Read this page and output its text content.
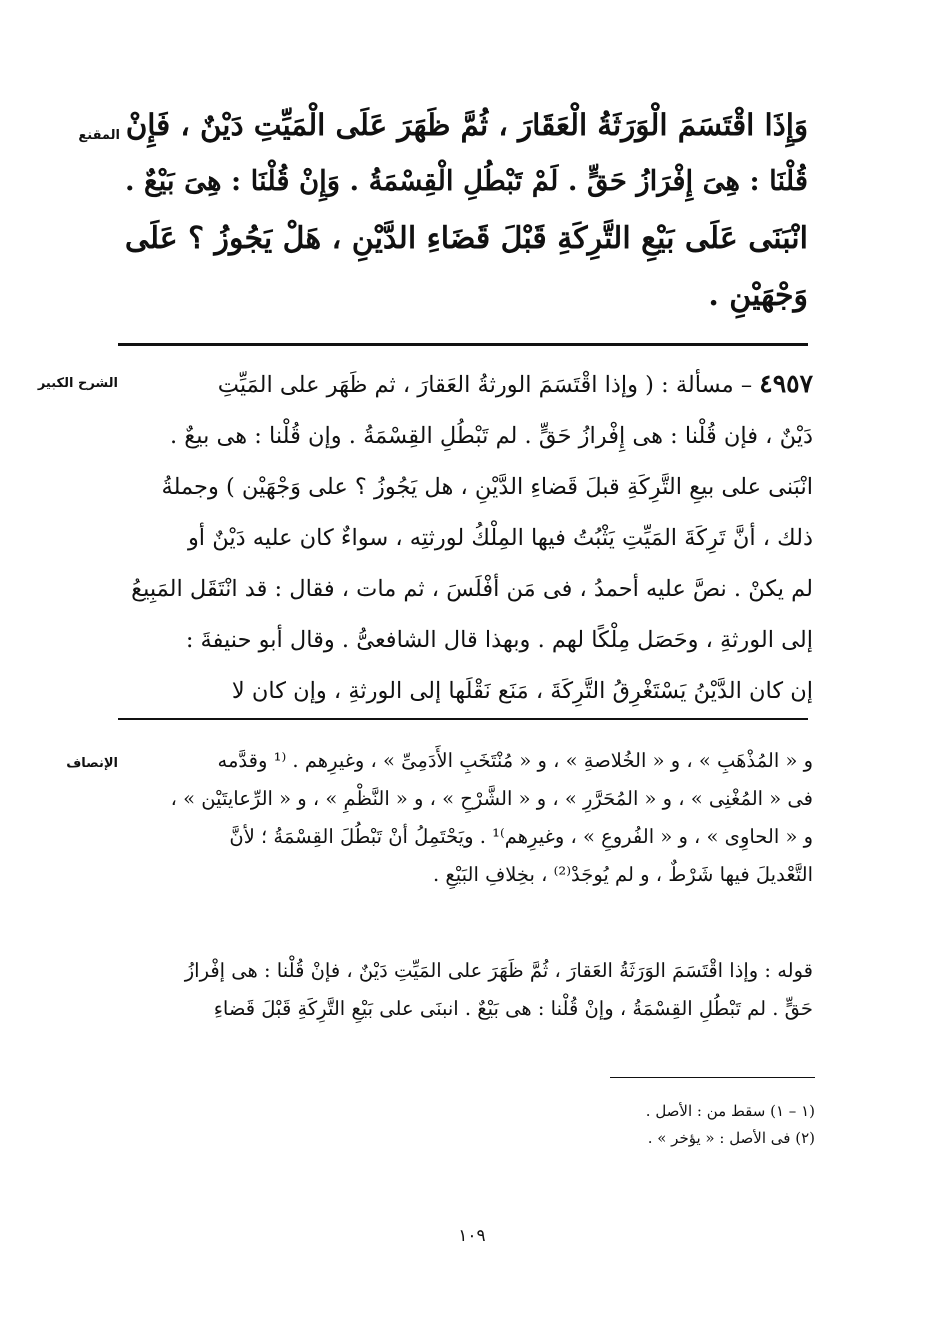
المقنع وَإِذَا اقْتَسَمَ الْوَرَثَةُ الْعَقَارَ ، ثُمَّ ظَهَرَ عَلَى الْمَيِّتِ دَيْنٌ ، فَإِنْ
قُلْنَا : هِىَ إِفْرَازُ حَقٍّ . لَمْ تَبْطُلِ الْقِسْمَةُ . وَإِنْ قُلْنَا : هِىَ بَيْعٌ .
انْبَنَى عَلَى بَيْعِ التَّرِكَةِ قَبْلَ قَضَاءِ الدَّيْنِ ، هَلْ يَجُوزُ ؟ عَلَى
وَجْهَيْنِ .
الشرح الكبير	٤٩٥٧ – مسألة : ( وإذا اقْتَسَمَ الورثةُ العَقارَ ، ثم ظَهَر على المَيِّتِ
دَيْنٌ ، فإن قُلْنا : هى إِفْرازُ حَقٍّ . لم تَبْطُلِ القِسْمَةُ . وإن قُلْنا : هى بيعٌ .
انْبَنى على بيعِ التَّرِكَةِ قبلَ قَضاءِ الدَّيْنِ ، هل يَجُوزُ ؟ على وَجْهَيْن ) وجملةُ
ذلك ، أنَّ تَرِكَةَ المَيِّتِ يَثْبُتُ فيها المِلْكُ لورثتِه ، سواءٌ كان عليه دَيْنٌ أو
لم يكنْ . نصَّ عليه أحمدُ ، فى مَن أفْلَسَ ، ثم مات ، فقال : قد انْتَقَل المَبِيعُ
إلى الورثةِ ، وحَصَل مِلْكًا لهم . وبهذا قال الشافعىُّ . وقال أبو حنيفةَ :
إن كان الدَّيْنُ يَسْتَغْرِقُ التَّرِكَةَ ، مَنَع نَقْلَها إلى الورثةِ ، وإن كان لا
الإنصاف	و « المُذْهَبِ » ، و « الخُلاصةِ » ، و « مُنْتَخَبِ الأَدَمِىِّ » ، وغيرِهم . ⁽¹ وقدَّمه
فى « المُغْنِى » ، و « المُحَرَّرِ » ، و « الشَّرْحِ » ، و « النَّظْمِ » ، و « الرِّعايتَيْن » ،
و « الحاوِى » ، و « الفُروعِ » ، وغيرِهم⁾¹ . ويَحْتَمِلُ أنْ تَبْطُلَ القِسْمَةُ ؛ لأنَّ
التَّعْديلَ فيها شَرْطٌ ، و لم يُوجَدْ⁽²⁾ ، بخِلافِ البَيْعِ .
قوله : وإذا اقْتَسَمَ الوَرَثَةُ العَقارَ ، ثُمَّ ظَهَرَ على المَيِّتِ دَيْنٌ ، فإنْ قُلْنا : هى إفْرازُ
حَقٍّ . لم تَبْطُلِ القِسْمَةُ ، وإنْ قُلْنا : هى بَيْعٌ . انبنَى على بَيْعِ التَّرِكَةِ قَبْلَ قَضاءِ
(١ – ١) سقط من : الأصل .
(٢) فى الأصل : « يؤخر » .
١٠٩
